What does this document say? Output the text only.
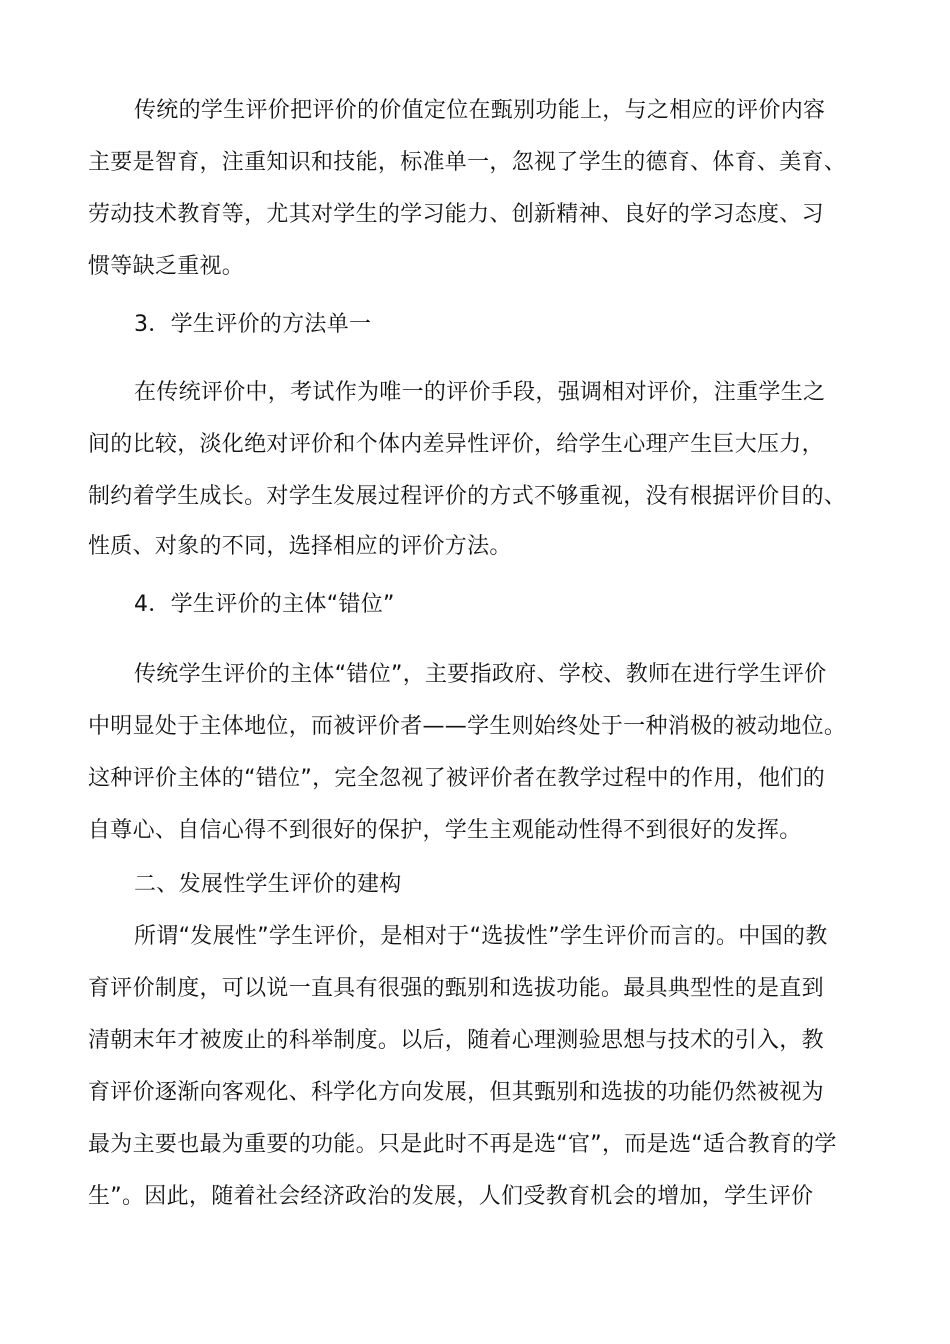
传统的学生评价把评价的价值定位在甄别功能上，与之相应的评价内容
主要是智育，注重知识和技能，标准单一，忽视了学生的德育、体育、美育、
劳动技术教育等，尤其对学生的学习能力、创新精神、良好的学习态度、习
惯等缺乏重视。
3．学生评价的方法单一
在传统评价中，考试作为唯一的评价手段，强调相对评价，注重学生之
间的比较，淡化绝对评价和个体内差异性评价，给学生心理产生巨大压力，
制约着学生成长。对学生发展过程评价的方式不够重视，没有根据评价目的、
性质、对象的不同，选择相应的评价方法。
4．学生评价的主体“错位”
传统学生评价的主体“错位”，主要指政府、学校、教师在进行学生评价
中明显处于主体地位，而被评价者——学生则始终处于一种消极的被动地位。
这种评价主体的“错位”，完全忽视了被评价者在教学过程中的作用，他们的
自尊心、自信心得不到很好的保护，学生主观能动性得不到很好的发挥。
二、发展性学生评价的建构
所谓“发展性”学生评价，是相对于“选拔性”学生评价而言的。中国的教
育评价制度，可以说一直具有很强的甄别和选拔功能。最具典型性的是直到
清朝末年才被废止的科举制度。以后，随着心理测验思想与技术的引入，教
育评价逐渐向客观化、科学化方向发展，但其甄别和选拔的功能仍然被视为
最为主要也最为重要的功能。只是此时不再是选“官”，而是选“适合教育的学
生”。因此，随着社会经济政治的发展，人们受教育机会的增加，学生评价
